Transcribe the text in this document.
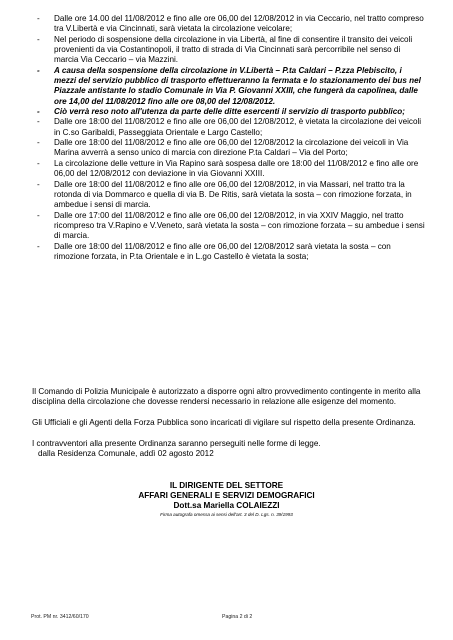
- Dalle ore 14.00 del 11/08/2012 e fino alle ore 06,00 del 12/08/2012 in via Ceccario, nel tratto compreso tra V.Libertà e via Cincinnati, sarà vietata la circolazione veicolare;
- Nel periodo di sospensione della circolazione in via Libertà, al fine di consentire il transito dei veicoli provenienti da via Costantinopoli, il tratto di strada di Via Cincinnati sarà percorribile nel senso di marcia Via Ceccario – via Mazzini.
- A causa della sospensione della circolazione in V.Libertà – P.ta Caldari – P.zza Plebiscito, i mezzi del servizio pubblico di trasporto effettueranno la fermata e lo stazionamento dei bus nel Piazzale antistante lo stadio Comunale in Via P. Giovanni XXIII, che fungerà da capolinea, dalle ore 14,00 del 11/08/2012 fino alle ore 08,00 del 12/08/2012.
- Ciò verrà reso noto all'utenza da parte delle ditte esercenti il servizio di trasporto pubblico;
- Dalle ore 18:00 del 11/08/2012 e fino alle ore 06,00 del 12/08/2012, è vietata la circolazione dei veicoli in C.so Garibaldi, Passeggiata Orientale e Largo Castello;
- Dalle ore 18:00 del 11/08/2012 e fino alle ore 06,00 del 12/08/2012 la circolazione dei veicoli in Via Marina avverrà a senso unico di marcia con direzione P.ta Caldari – Via del Porto;
- La circolazione delle vetture in Via Rapino sarà sospesa dalle ore 18:00 del 11/08/2012 e fino alle ore 06,00 del 12/08/2012 con deviazione in via Giovanni XXIII.
- Dalle ore 18:00 del 11/08/2012 e fino alle ore 06,00 del 12/08/2012, in via Massari, nel tratto tra la rotonda di via Dommarco e quella di via B. De Ritis, sarà vietata la sosta – con rimozione forzata, in ambedue i sensi di marcia.
- Dalle ore 17:00 del 11/08/2012 e fino alle ore 06,00 del 12/08/2012, in via XXIV Maggio, nel tratto ricompreso tra V.Rapino e V.Veneto, sarà vietata la sosta – con rimozione forzata – su ambedue i sensi di marcia.
- Dalle ore 18:00 del 11/08/2012 e fino alle ore 06,00 del 12/08/2012 sarà vietata la sosta – con rimozione forzata, in P.ta Orientale e in L.go Castello è vietata la sosta;

Il Comando di Polizia Municipale è autorizzato a disporre ogni altro provvedimento contingente in merito alla disciplina della circolazione che dovesse rendersi necessario in relazione alle esigenze del momento.

Gli Ufficiali e gli Agenti della Forza Pubblica sono incaricati di vigilare sul rispetto della presente Ordinanza.

I contravventori alla presente Ordinanza saranno perseguiti nelle forme di legge.

dalla Residenza Comunale, addì 02 agosto 2012

IL DIRIGENTE DEL SETTORE
AFFARI GENERALI E SERVIZI DEMOGRAFICI
Dott.sa Mariella COLAIEZZI
Firma autografa omessa ai sensi dell'art. 3 del D. Lgs. n. 39/1993
Prot. PM nr. 3412/60/170	Pagina 2 di 2
